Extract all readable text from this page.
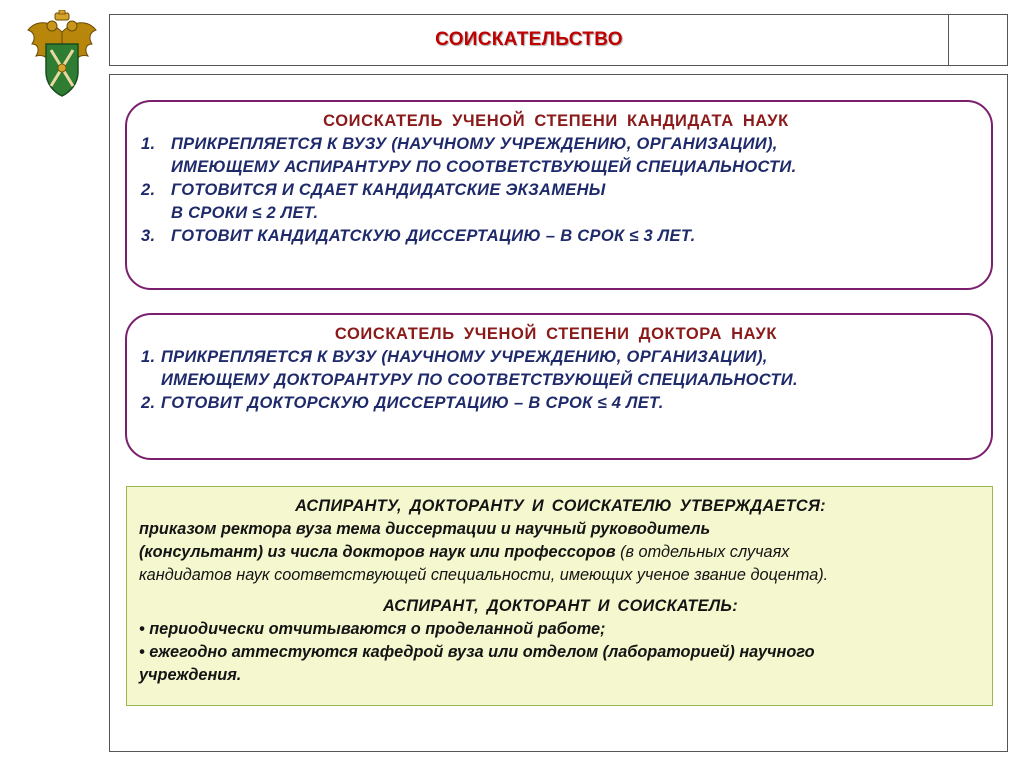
СОИСКАТЕЛЬСТВО
СОИСКАТЕЛЬ УЧЕНОЙ СТЕПЕНИ КАНДИДАТА НАУК
1. ПРИКРЕПЛЯЕТСЯ К ВУЗУ (НАУЧНОМУ УЧРЕЖДЕНИЮ, ОРГАНИЗАЦИИ),
ИМЕЮЩЕМУ АСПИРАНТУРУ ПО СООТВЕТСТВУЮЩЕЙ СПЕЦИАЛЬНОСТИ.
2. ГОТОВИТСЯ И СДАЕТ КАНДИДАТСКИЕ ЭКЗАМЕНЫ
В СРОКИ ≤ 2 ЛЕТ.
3. ГОТОВИТ КАНДИДАТСКУЮ ДИССЕРТАЦИЮ – В СРОК ≤ 3 ЛЕТ.
СОИСКАТЕЛЬ УЧЕНОЙ СТЕПЕНИ ДОКТОРА НАУК
1. ПРИКРЕПЛЯЕТСЯ К ВУЗУ (НАУЧНОМУ УЧРЕЖДЕНИЮ, ОРГАНИЗАЦИИ),
ИМЕЮЩЕМУ ДОКТОРАНТУРУ ПО СООТВЕТСТВУЮЩЕЙ СПЕЦИАЛЬНОСТИ.
2. ГОТОВИТ ДОКТОРСКУЮ ДИССЕРТАЦИЮ – В СРОК ≤ 4 ЛЕТ.
АСПИРАНТУ, ДОКТОРАНТУ И СОИСКАТЕЛЮ УТВЕРЖДАЕТСЯ:
приказом ректора вуза тема диссертации и научный руководитель
(консультант) из числа докторов наук или профессоров (в отдельных случаях
кандидатов наук соответствующей специальности, имеющих ученое звание доцента).
АСПИРАНТ, ДОКТОРАНТ И СОИСКАТЕЛЬ:
• периодически отчитываются о проделанной работе;
• ежегодно аттестуются кафедрой вуза или отделом (лабораторией) научного
учреждения.
